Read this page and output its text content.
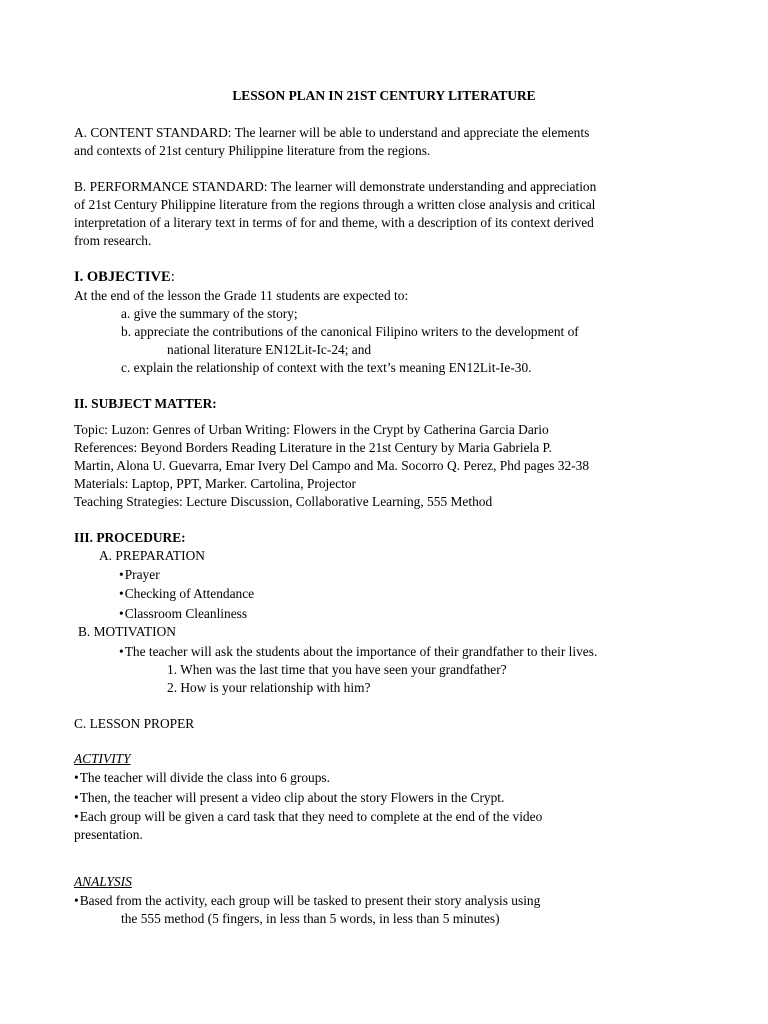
LESSON PLAN IN 21ST CENTURY LITERATURE
A. CONTENT STANDARD: The learner will be able to understand and appreciate the elements
and contexts of 21st century Philippine literature from the regions.
B. PERFORMANCE STANDARD: The learner will demonstrate understanding and appreciation
of 21st Century Philippine literature from the regions through a written close analysis and critical
interpretation of a literary text in terms of for and theme, with a description of its context derived
from research.
I. OBJECTIVE:
At the end of the lesson the Grade 11 students are expected to:
a. give the summary of the story;
b. appreciate the contributions of the canonical Filipino writers to the development of
national literature EN12Lit-Ic-24; and
c. explain the relationship of context with the text’s meaning EN12Lit-Ie-30.
II. SUBJECT MATTER:
Topic: Luzon: Genres of Urban Writing: Flowers in the Crypt by Catherina Garcia Dario
References: Beyond Borders Reading Literature in the 21st Century by Maria Gabriela P.
Martin, Alona U. Guevarra, Emar Ivery Del Campo and Ma. Socorro Q. Perez, Phd pages 32-38
Materials: Laptop, PPT, Marker. Cartolina, Projector
Teaching Strategies: Lecture Discussion, Collaborative Learning, 555 Method
III. PROCEDURE:
A. PREPARATION
• Prayer
• Checking of Attendance
• Classroom Cleanliness
B. MOTIVATION
• The teacher will ask the students about the importance of their grandfather to their lives.
1. When was the last time that you have seen your grandfather?
2. How is your relationship with him?
C. LESSON PROPER
ACTIVITY
• The teacher will divide the class into 6 groups.
• Then, the teacher will present a video clip about the story Flowers in the Crypt.
• Each group will be given a card task that they need to complete at the end of the video
presentation.
ANALYSIS
• Based from the activity, each group will be tasked to present their story analysis using
the 555 method (5 fingers, in less than 5 words, in less than 5 minutes)
